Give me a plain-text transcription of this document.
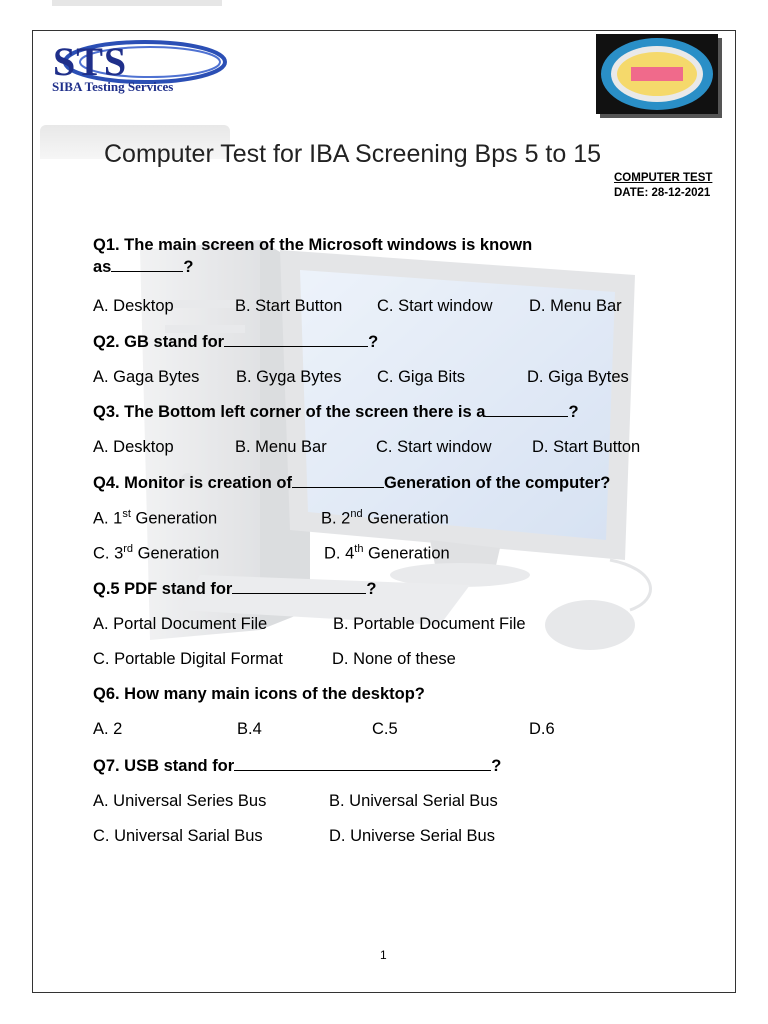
STS
SIBA Testing Services
Computer Test for IBA Screening Bps 5 to 15
COMPUTER TEST
DATE: 28-12-2021
Q1. The main screen of the Microsoft windows is known
as	?
A. Desktop	B. Start Button C. Start window D. Menu Bar
Q2. GB stand for	?
A. Gaga Bytes B. Gyga Bytes C. Giga Bits	D. Giga Bytes
Q3. The Bottom left corner of the screen there is a	?
A. Desktop	B. Menu Bar	C. Start window D. Start Button
Q4. Monitor is creation of	Generation of the computer?
A. 1st Generation	B. 2nd Generation
C. 3rd Generation	D. 4th Generation
Q.5 PDF stand for	?
A. Portal Document File	B. Portable Document File
C. Portable Digital Format	D. None of these
Q6. How many main icons of the desktop?
A. 2	B.4	C.5	D.6
Q7. USB stand for	?
A. Universal Series Bus	B. Universal Serial Bus
C. Universal Sarial Bus	D. Universe Serial Bus
1
